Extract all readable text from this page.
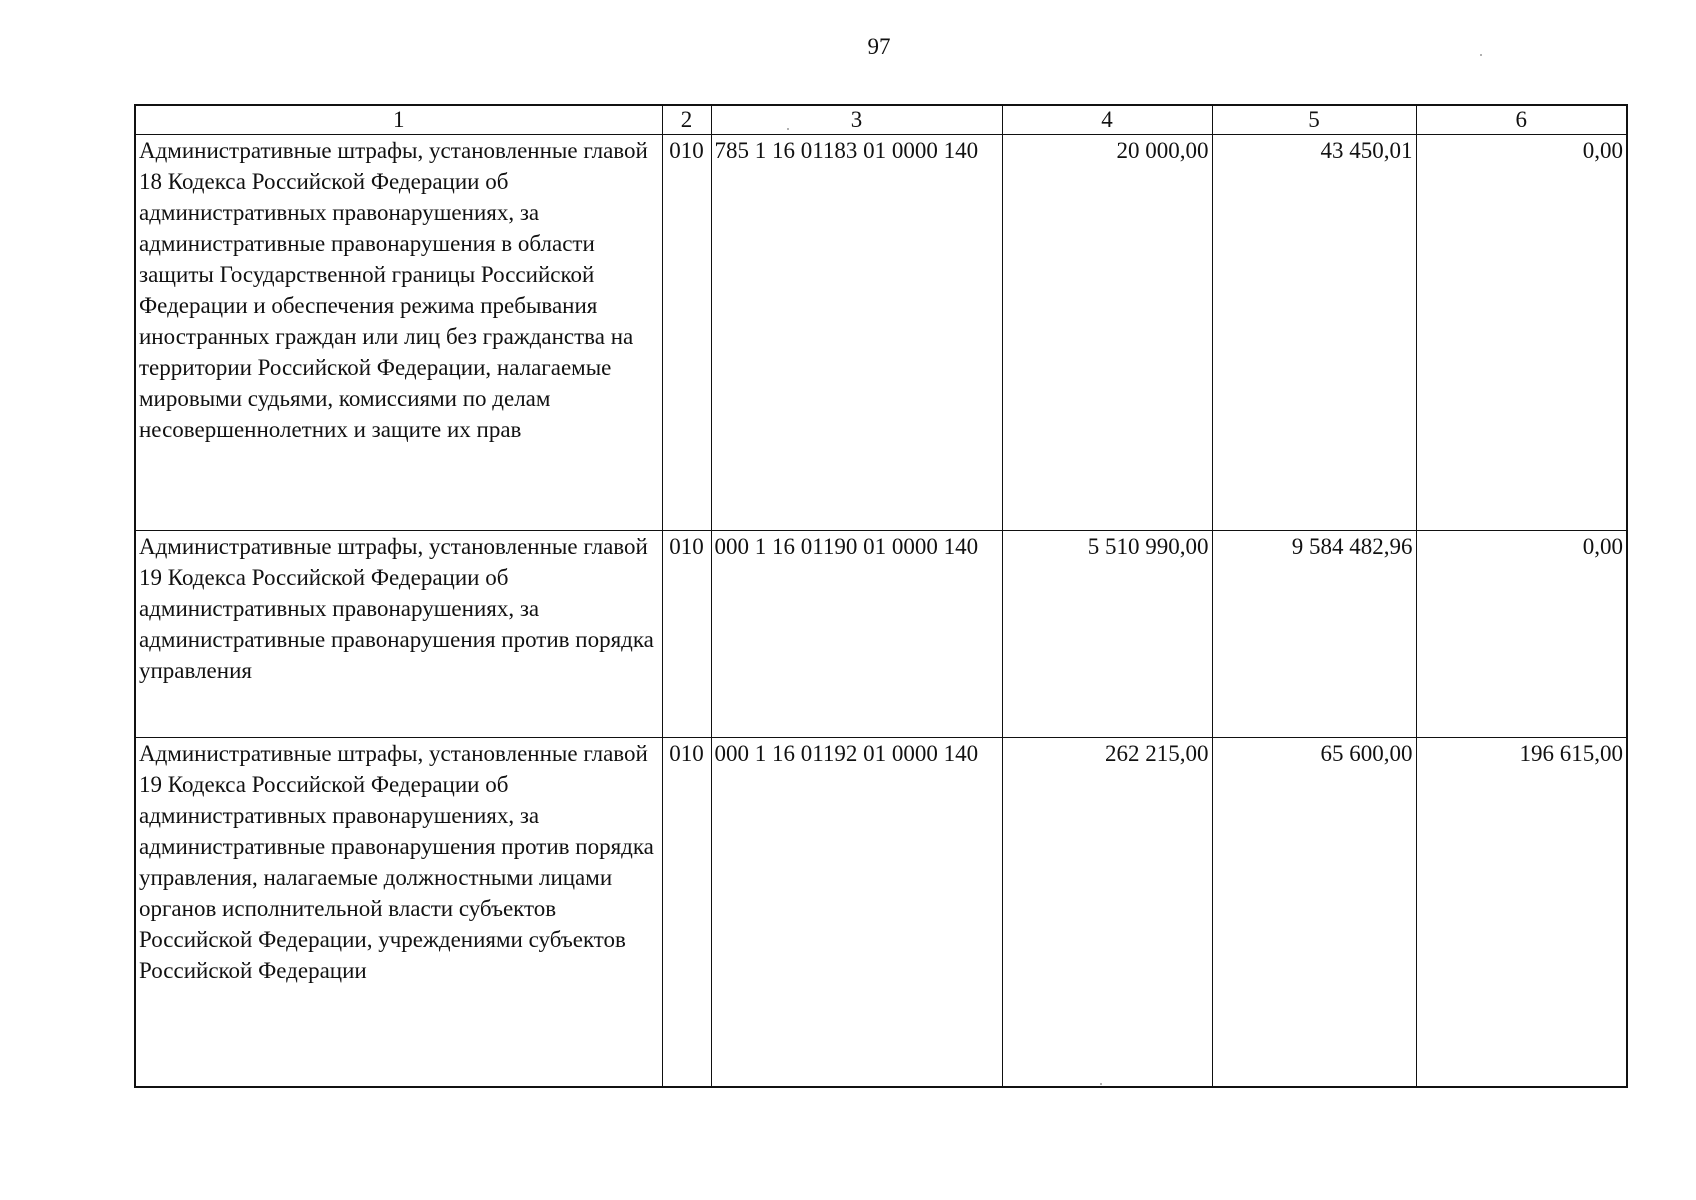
97
1	2	3	4	5	6
Административные штрафы, установленные главой 18 Кодекса Российской Федерации об административных правонарушениях, за административные правонарушения в области защиты Государственной границы Российской Федерации и обеспечения режима пребывания иностранных граждан или лиц без гражданства на территории Российской Федерации, налагаемые мировыми судьями, комиссиями по делам несовершеннолетних и защите их прав	010	785 1 16 01183 01 0000 140	20 000,00	43 450,01	0,00
Административные штрафы, установленные главой 19 Кодекса Российской Федерации об административных правонарушениях, за административные правонарушения против порядка управления	010	000 1 16 01190 01 0000 140	5 510 990,00	9 584 482,96	0,00
Административные штрафы, установленные главой 19 Кодекса Российской Федерации об административных правонарушениях, за административные правонарушения против порядка управления, налагаемые должностными лицами органов исполнительной власти субъектов Российской Федерации, учреждениями субъектов Российской Федерации	010	000 1 16 01192 01 0000 140	262 215,00	65 600,00	196 615,00
